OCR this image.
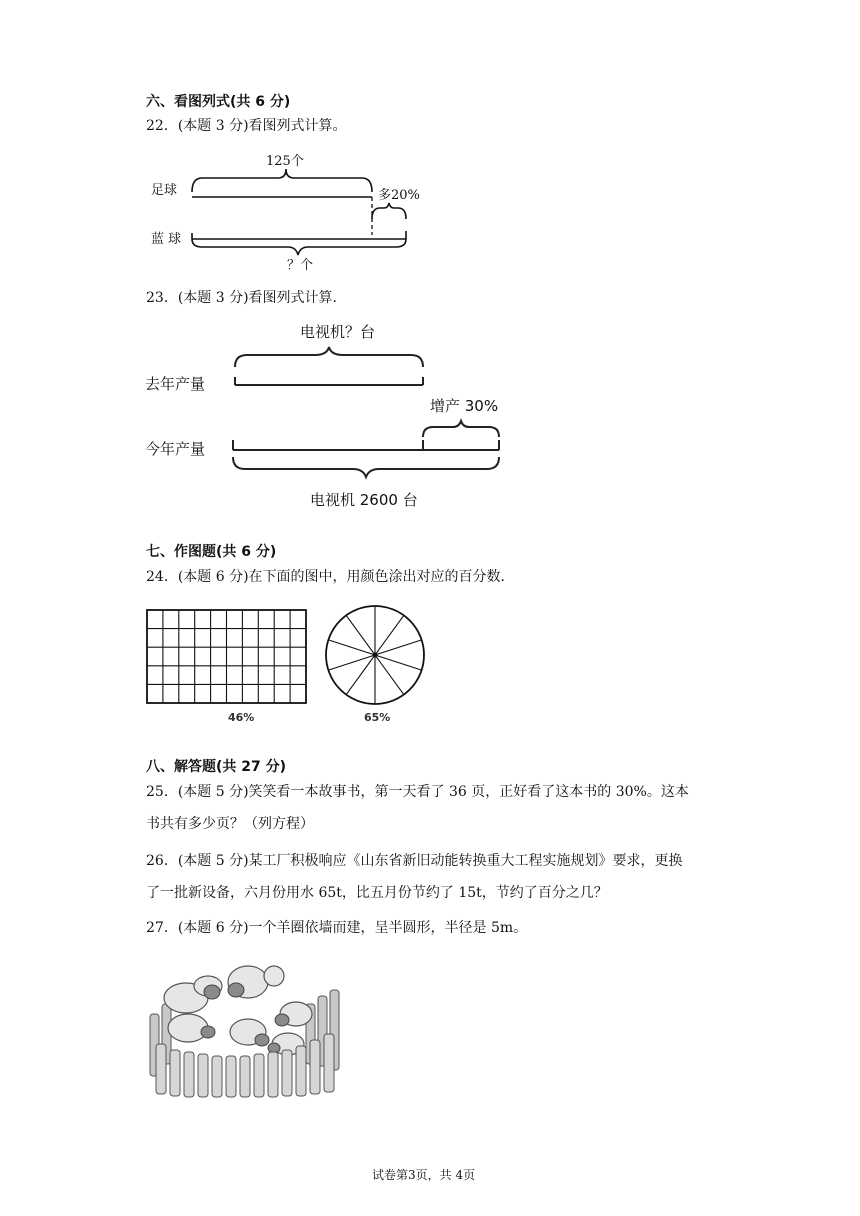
六、看图列式(共 6 分)
22．(本题 3 分)看图列式计算。
125个
足球	多20%
蓝 球
？个
23．(本题 3 分)看图列式计算.
电视机？台
去年产量
增产 30%
今年产量
电视机 2600 台
七、作图题(共 6 分)
24．(本题 6 分)在下面的图中，用颜色涂出对应的百分数.
46%	65%
八、解答题(共 27 分)
25．(本题 5 分)笑笑看一本故事书，第一天看了 36 页，正好看了这本书的 30%。这本
书共有多少页？（列方程）
26．(本题 5 分)某工厂积极响应《山东省新旧动能转换重大工程实施规划》要求，更换
了一批新设备，六月份用水 65t，比五月份节约了 15t，节约了百分之几？
27．(本题 6 分)一个羊圈依墙而建，呈半圆形，半径是 5m。
试卷第3页，共 4页
